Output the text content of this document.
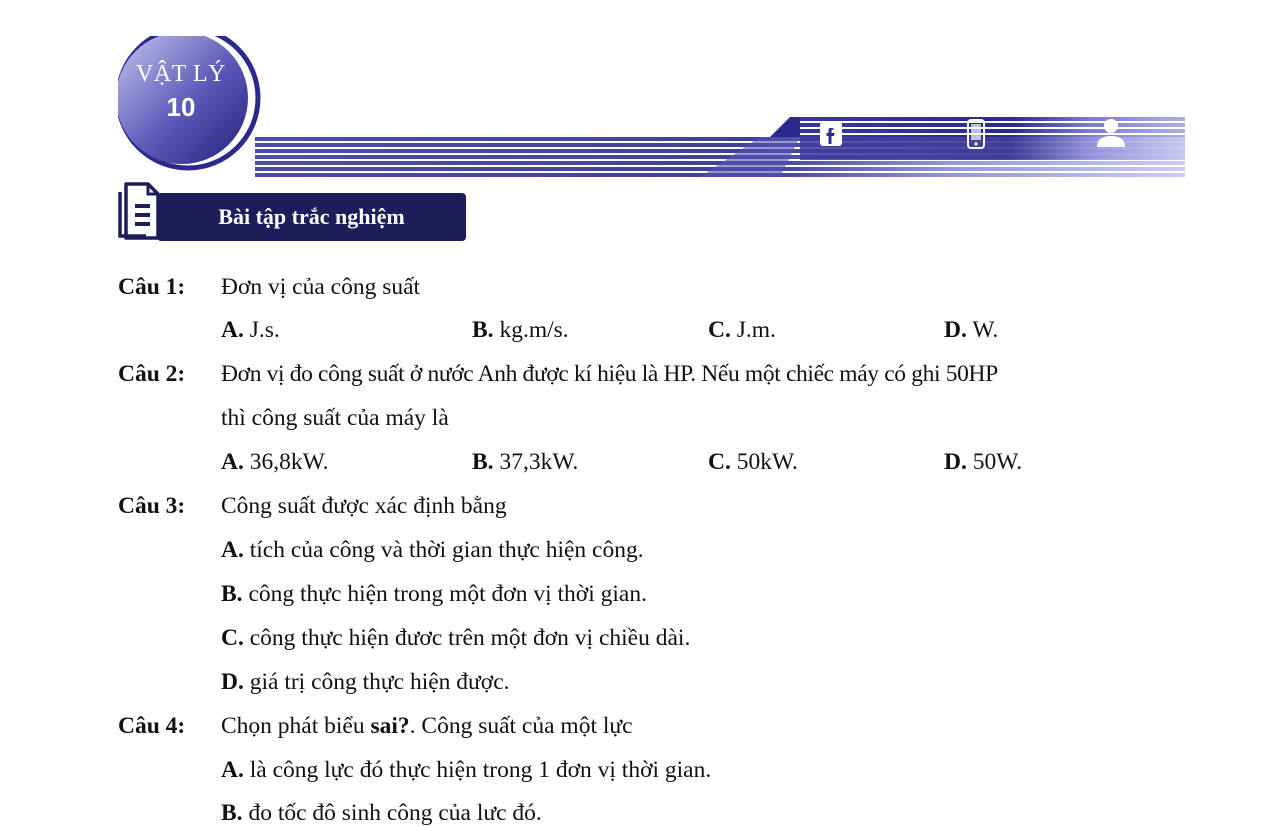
VẬT LÝ
10
Bài tập trắc nghiệm
Câu 1: Đơn vị của công suất
A. J.s.	B. kg.m/s.	C. J.m.	D. W.
Câu 2: Đơn vị đo công suất ở nước Anh được kí hiệu là HP. Nếu một chiếc máy có ghi 50HP
thì công suất của máy là
A. 36,8kW.	B. 37,3kW.	C. 50kW.	D. 50W.
Câu 3: Công suất được xác định bằng
A. tích của công và thời gian thực hiện công.
B. công thực hiện trong một đơn vị thời gian.
C. công thực hiện đươc trên một đơn vị chiều dài.
D. giá trị công thực hiện được.
Câu 4: Chọn phát biểu sai?. Công suất của một lực
A. là công lực đó thực hiện trong 1 đơn vị thời gian.
B. đo tốc đô sinh công của lưc đó.
